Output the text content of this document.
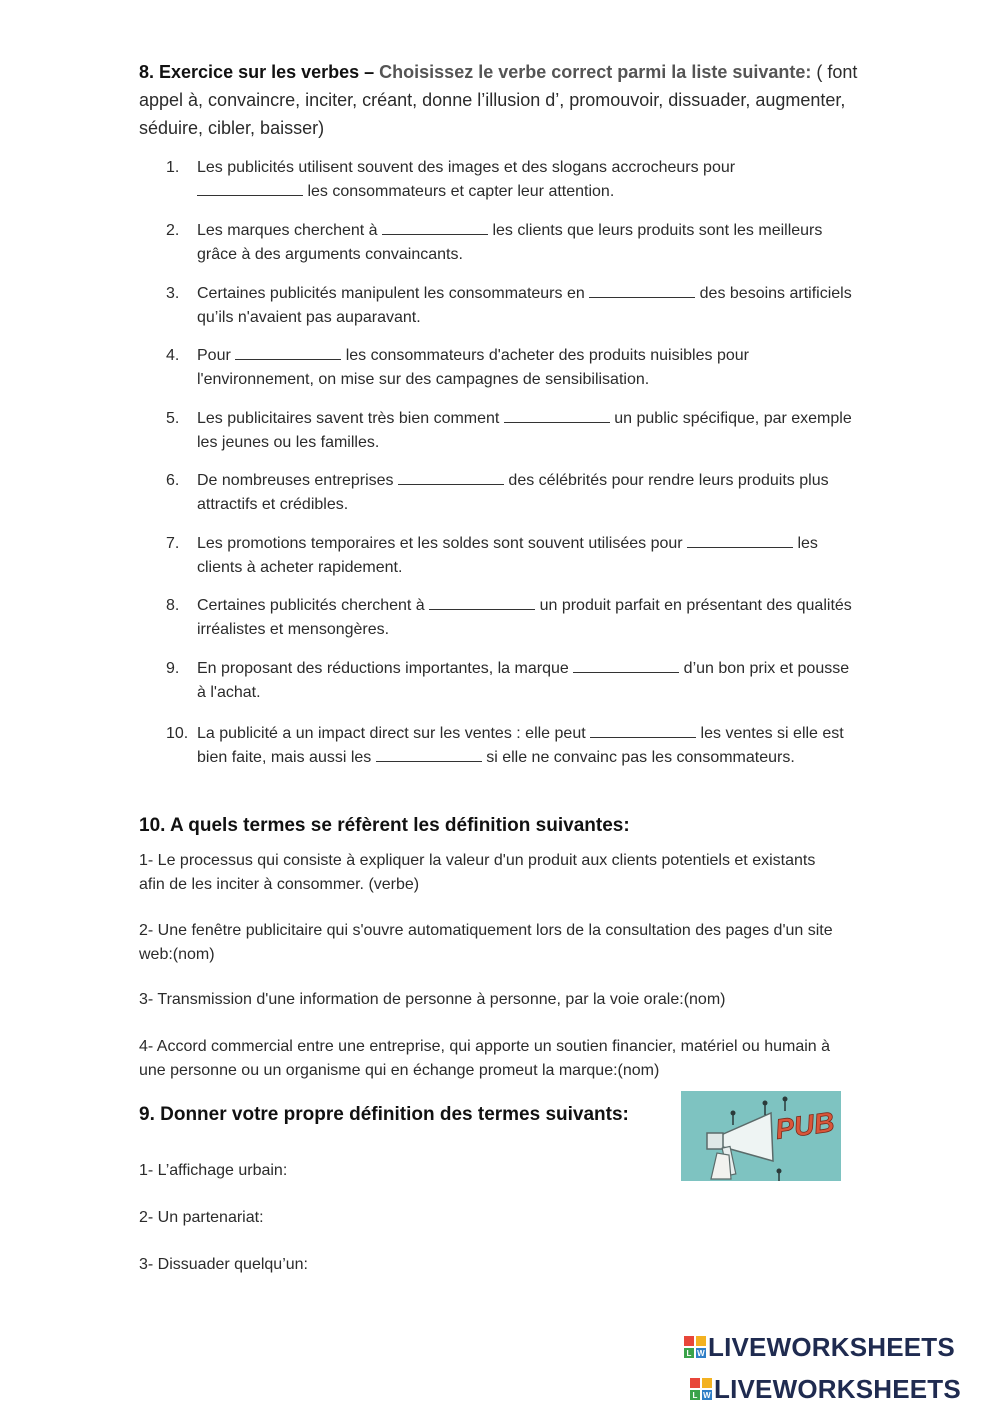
8. Exercice sur les verbes – Choisissez le verbe correct parmi la liste suivante: ( font appel à, convaincre, inciter, créant, donne l’illusion d’, promouvoir, dissuader, augmenter, séduire, cibler, baisser)
1.	Les publicités utilisent souvent des images et des slogans accrocheurs pour
les consommateurs et capter leur attention.
2.	Les marques cherchent à	les clients que leurs produits sont les meilleurs grâce à des arguments convaincants.
3.	Certaines publicités manipulent les consommateurs en	des besoins artificiels qu’ils n'avaient pas auparavant.
4.	Pour	les consommateurs d'acheter des produits nuisibles pour l'environnement, on mise sur des campagnes de sensibilisation.
5.	Les publicitaires savent très bien comment	un public spécifique, par exemple les jeunes ou les familles.
6.	De nombreuses entreprises	des célébrités pour rendre leurs produits plus attractifs et crédibles.
7.	Les promotions temporaires et les soldes sont souvent utilisées pour	les clients à acheter rapidement.
8.	Certaines publicités cherchent à	un produit parfait en présentant des qualités irréalistes et mensongères.
9.	En proposant des réductions importantes, la marque	d’un bon prix et pousse à l'achat.
10. La publicité a un impact direct sur les ventes : elle peut	les ventes si elle est bien faite, mais aussi les	si elle ne convainc pas les consommateurs.
10. A quels termes se réfèrent les définition suivantes:
1- Le processus qui consiste à expliquer la valeur d'un produit aux clients potentiels et existants afin de les inciter à consommer. (verbe)
2- Une fenêtre publicitaire qui s'ouvre automatiquement lors de la consultation des pages d'un site web:(nom)
3- Transmission d'une information de personne à personne, par la voie orale:(nom)
4- Accord commercial entre une entreprise, qui apporte un soutien financier, matériel ou humain à une personne ou un organisme qui en échange promeut la marque:(nom)
9. Donner votre propre définition des termes suivants:	PUB
1- L’affichage urbain:
2- Un partenariat:
3- Dissuader quelqu’un:
L W LIVEWORKSHEETS
L W LIVEWORKSHEETS
